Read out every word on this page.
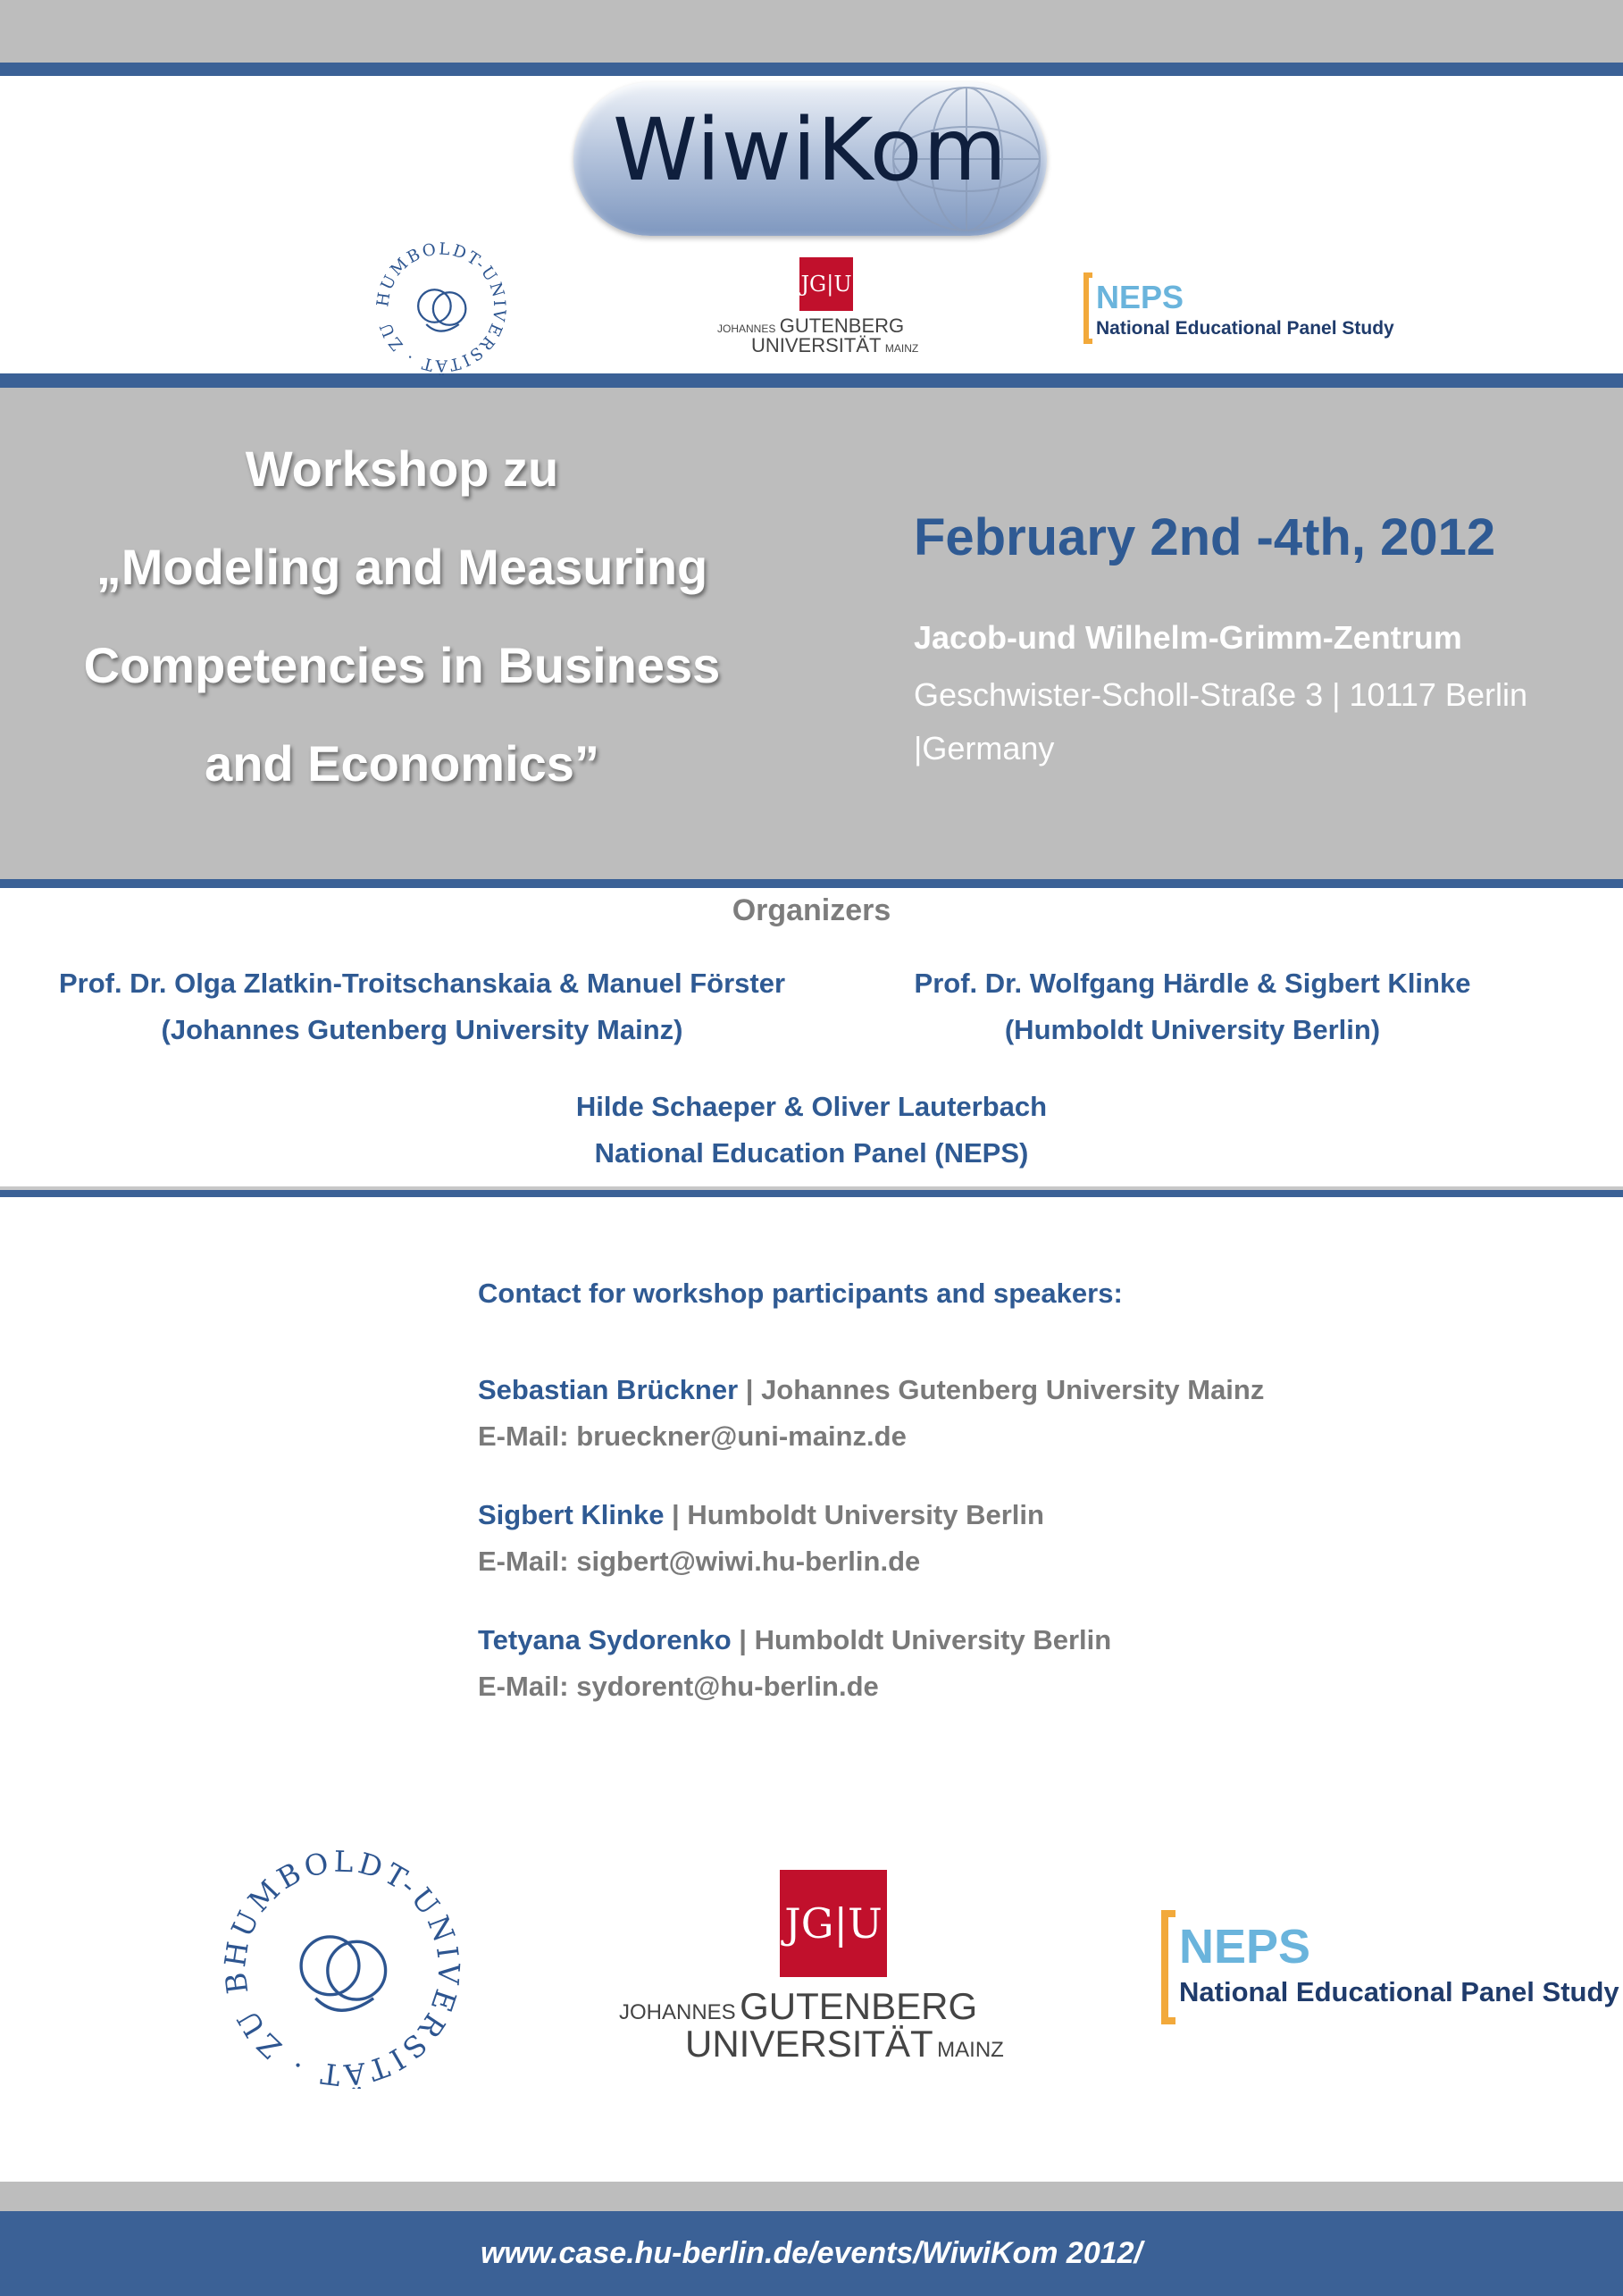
WiwiKom
HUMBOLDT-UNIVERSITÄT · ZU
JG|U
JOHANNES GUTENBERG
UNIVERSITÄT MAINZ
NEPS
National Educational Panel Study
Workshop zu
„Modeling and Measuring
Competencies in Business
and Economics”
February 2nd -4th, 2012
Jacob-und Wilhelm-Grimm-Zentrum
Geschwister-Scholl-Straße 3 | 10117 Berlin
|Germany
Organizers
Prof. Dr. Olga Zlatkin-Troitschanskaia & Manuel Förster
(Johannes Gutenberg University Mainz)
Prof. Dr. Wolfgang Härdle & Sigbert Klinke
(Humboldt University Berlin)
Hilde Schaeper & Oliver Lauterbach
National Education Panel (NEPS)
Contact for workshop participants and speakers:
Sebastian Brückner | Johannes Gutenberg University Mainz
E-Mail: brueckner@uni-mainz.de
Sigbert Klinke | Humboldt University Berlin
E-Mail: sigbert@wiwi.hu-berlin.de
Tetyana Sydorenko | Humboldt University Berlin
E-Mail: sydorent@hu-berlin.de
HUMBOLDT-UNIVERSITÄT · ZU B
JG|U
JOHANNES GUTENBERG
UNIVERSITÄT MAINZ
NEPS
National Educational Panel Study
www.case.hu-berlin.de/events/WiwiKom 2012/
